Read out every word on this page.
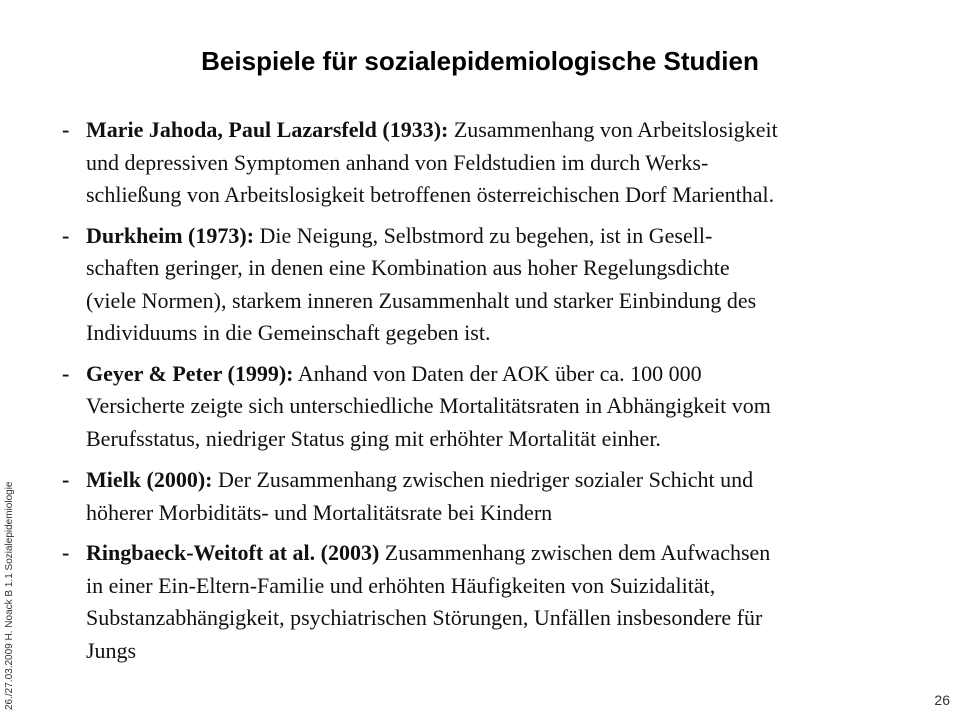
Beispiele für sozialepidemiologische Studien
- Marie Jahoda, Paul Lazarsfeld (1933): Zusammenhang von Arbeitslosigkeit
und depressiven Symptomen anhand von Feldstudien im durch Werks-
schließung von Arbeitslosigkeit betroffenen österreichischen Dorf Marienthal.
- Durkheim (1973): Die Neigung, Selbstmord zu begehen, ist in Gesell-
schaften geringer, in denen eine Kombination aus hoher Regelungsdichte
(viele Normen), starkem inneren Zusammenhalt und starker Einbindung des
Individuums in die Gemeinschaft gegeben ist.
- Geyer & Peter (1999): Anhand von Daten der AOK über ca. 100 000
Versicherte zeigte sich unterschiedliche Mortalitätsraten in Abhängigkeit vom
Berufsstatus, niedriger Status ging mit erhöhter Mortalität einher.
- Mielk (2000): Der Zusammenhang zwischen niedriger sozialer Schicht und
höherer Morbiditäts- und Mortalitätsrate bei Kindern
- Ringbaeck-Weitoft at al. (2003) Zusammenhang zwischen dem Aufwachsen
in einer Ein-Eltern-Familie und erhöhten Häufigkeiten von Suizidalität,
Substanzabhängigkeit, psychiatrischen Störungen, Unfällen insbesondere für
Jungs
26./27.03.2009 H. Noack B 1.1 Sozialepidemiologie	26
